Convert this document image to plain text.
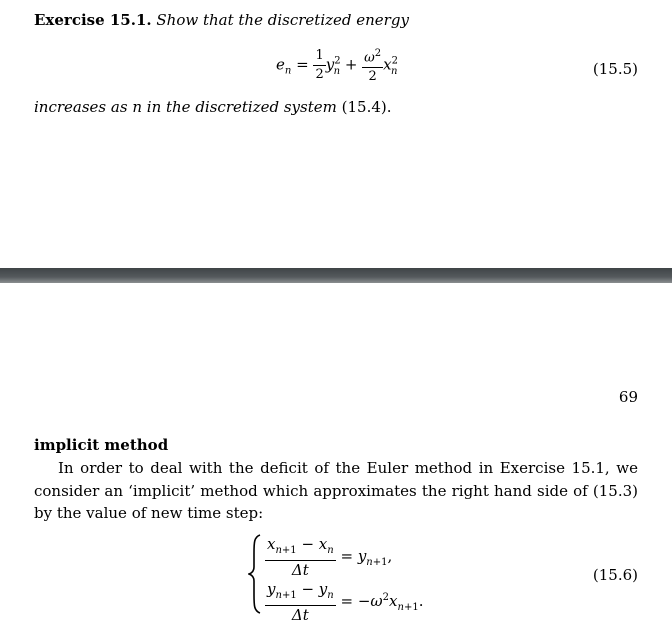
Exercise 15.1. Show that the discretized energy
$e_n = \frac{1}{2} y^2_n + \frac{\omega^2}{2} x^2_n$	(15.5)
increases as n in the discretized system (15.4).
69
implicit method
In order to deal with the deficit of the Euler method in Exercise 15.1, we consider an ‘implicit’ method which approximates the right hand side of (15.3) by the value of new time step:
$\frac{x_{n+1} - x_n}{\Delta t} = y_{n+1}$,
$\frac{y_{n+1} - y_n}{\Delta t} = -\omega^2x_{n+1}$.
(15.6)
